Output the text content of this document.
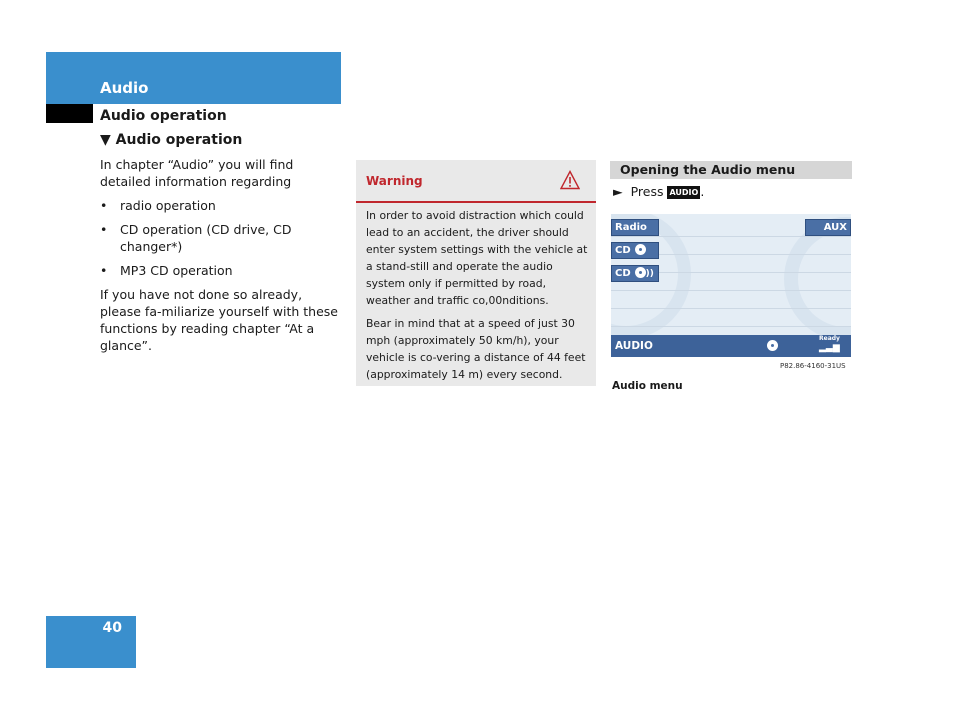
Audio
Audio operation
▼ Audio operation

In chapter “Audio” you will find detailed information regarding

• radio operation
• CD operation (CD drive, CD changer*)
• MP3 CD operation

If you have not done so already, please fa-miliarize yourself with these functions by reading chapter “At a glance”.

Warning

In order to avoid distraction which could lead to an accident, the driver should enter system settings with the vehicle at a stand-still and operate the audio system only if permitted by road, weather and traffic co,00nditions.

Bear in mind that at a speed of just 30 mph (approximately 50 km/h), your vehicle is co-vering a distance of 44 feet (approximately 14 m) every second.

Opening the Audio menu
► Press AUDIO .
Radio
CD
CD ))
AUX
AUDIO
Ready
▂▃▆
P82.86-4160-31US
Audio menu
40
